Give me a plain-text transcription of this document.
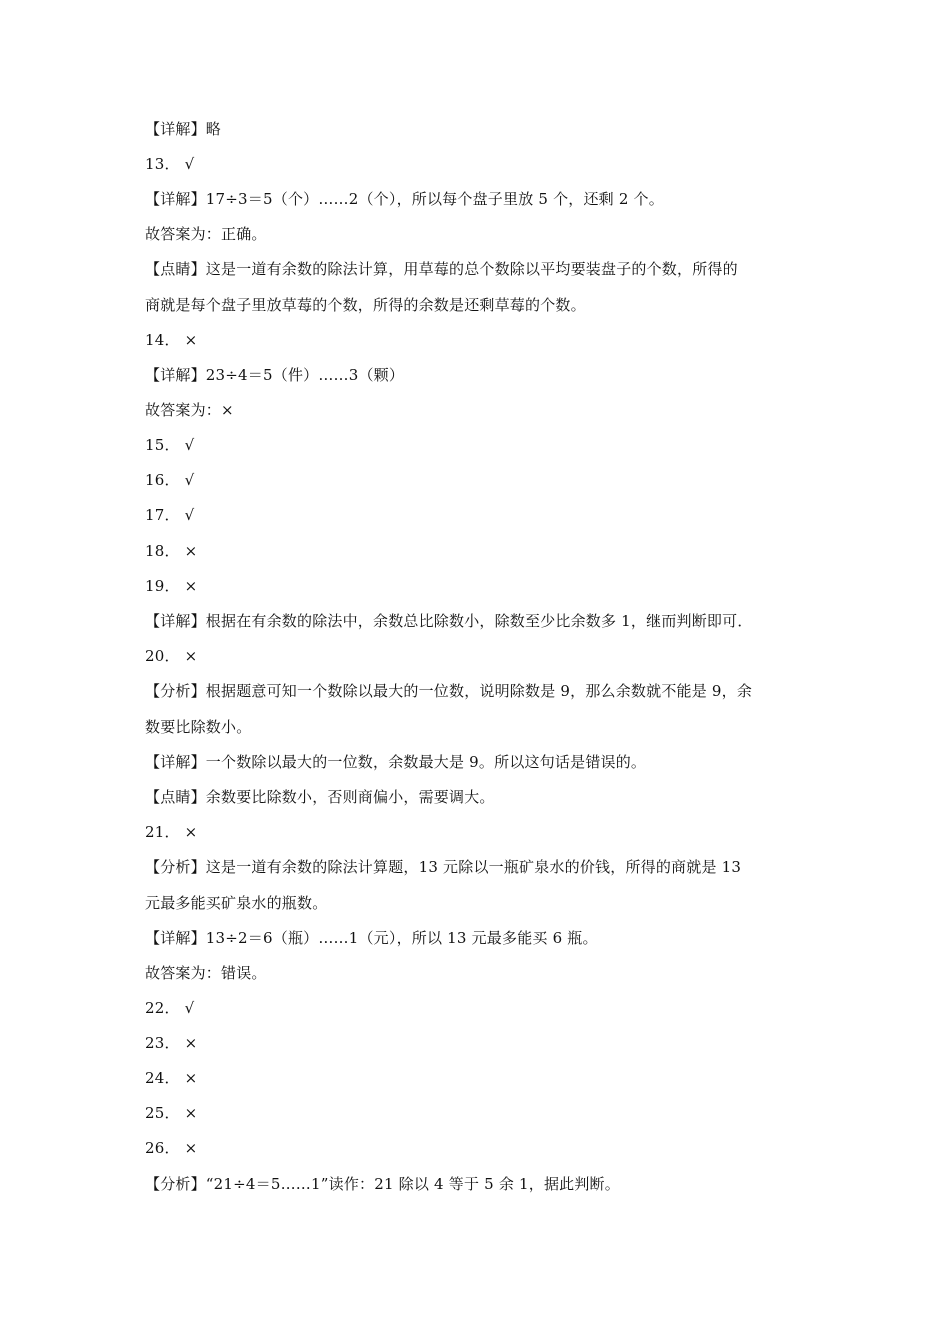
【详解】略
13． √
【详解】17÷3＝5（个）……2（个），所以每个盘子里放 5 个，还剩 2 个。
故答案为：正确。
【点睛】这是一道有余数的除法计算，用草莓的总个数除以平均要装盘子的个数，所得的
商就是每个盘子里放草莓的个数，所得的余数是还剩草莓的个数。
14． ×
【详解】23÷4＝5（件）……3（颗）
故答案为：×
15． √
16． √
17． √
18． ×
19． ×
【详解】根据在有余数的除法中，余数总比除数小，除数至少比余数多 1，继而判断即可．
20． ×
【分析】根据题意可知一个数除以最大的一位数，说明除数是 9，那么余数就不能是 9，余
数要比除数小。
【详解】一个数除以最大的一位数，余数最大是 9。所以这句话是错误的。
【点睛】余数要比除数小，否则商偏小，需要调大。
21． ×
【分析】这是一道有余数的除法计算题，13 元除以一瓶矿泉水的价钱，所得的商就是 13
元最多能买矿泉水的瓶数。
【详解】13÷2＝6（瓶）……1（元），所以 13 元最多能买 6 瓶。
故答案为：错误。
22． √
23． ×
24． ×
25． ×
26． ×
【分析】“21÷4＝5……1”读作：21 除以 4 等于 5 余 1，据此判断。
